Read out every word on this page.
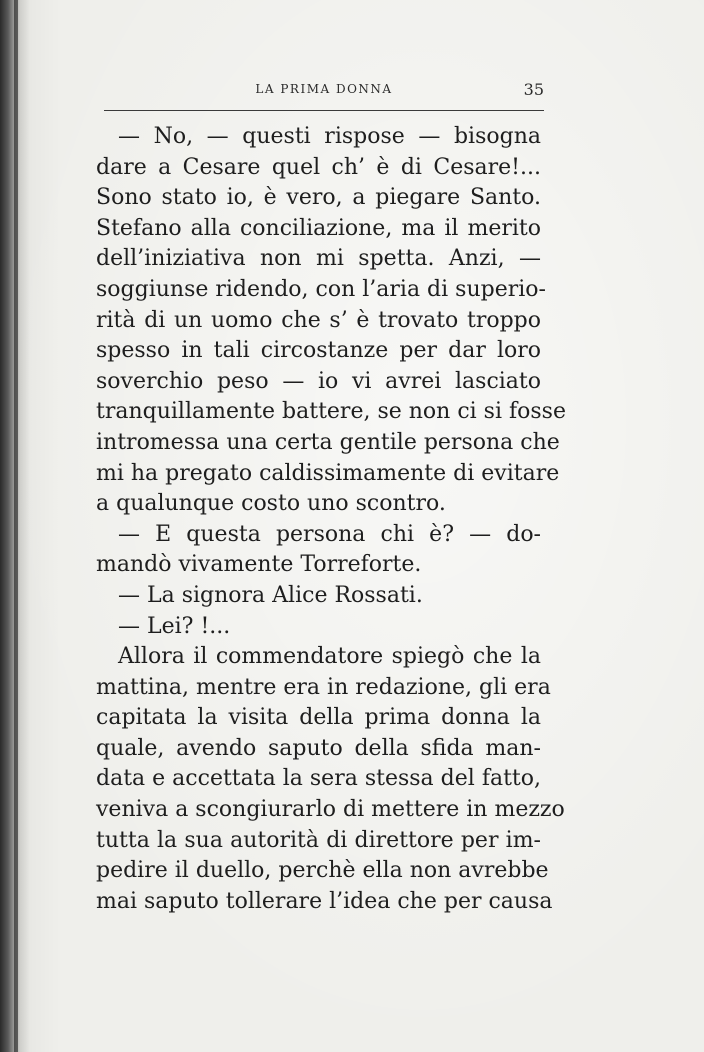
LA PRIMA DONNA	35
— No, — questi rispose — bisogna
dare a Cesare quel ch’ è di Cesare!...
Sono stato io, è vero, a piegare Santo.
Stefano alla conciliazione, ma il merito
dell’iniziativa non mi spetta. Anzi, —
soggiunse ridendo, con l’aria di superio-
rità di un uomo che s’ è trovato troppo
spesso in tali circostanze per dar loro
soverchio peso — io vi avrei lasciato
tranquillamente battere, se non ci si fosse
intromessa una certa gentile persona che
mi ha pregato caldissimamente di evitare
a qualunque costo uno scontro.
— E questa persona chi è? — do-
mandò vivamente Torreforte.
— La signora Alice Rossati.
— Lei? !...
Allora il commendatore spiegò che la
mattina, mentre era in redazione, gli era
capitata la visita della prima donna la
quale, avendo saputo della sfida man-
data e accettata la sera stessa del fatto,
veniva a scongiurarlo di mettere in mezzo
tutta la sua autorità di direttore per im-
pedire il duello, perchè ella non avrebbe
mai saputo tollerare l’idea che per causa
